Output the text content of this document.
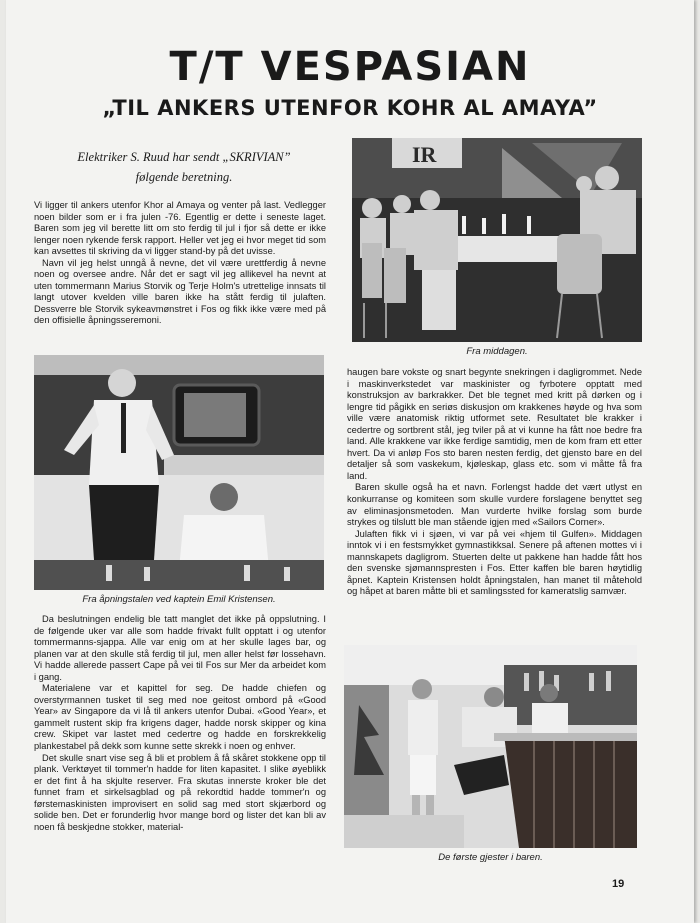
T/T VESPASIAN
„TIL ANKERS UTENFOR KOHR AL AMAYA”
Elektriker S. Ruud har sendt „SKRIVIAN”
følgende beretning.

Vi ligger til ankers utenfor Khor al Amaya og venter på last. Vedlegger noen bilder som er i fra julen -76. Egentlig er dette i seneste laget. Baren som jeg vil berette litt om sto ferdig til jul i fjor så dette er ikke lenger noen rykende fersk rapport. Heller vet jeg ei hvor meget tid som kan avsettes til skriving da vi ligger stand-by på det uvisse.

Navn vil jeg helst unngå å nevne, det vil være urettferdig å nevne noen og oversee andre. Når det er sagt vil jeg allikevel ha nevnt at uten tommermann Marius Storvik og Terje Holm's utrettelige innsats til langt utover kvelden ville baren ikke ha stått ferdig til julaften. Dessverre ble Storvik sykeavmønstret i Fos og fikk ikke være med på den offisielle åpningsseremoni.

IR
Fra middagen.
Fra åpningstalen ved kaptein Emil Kristensen.

Da beslutningen endelig ble tatt manglet det ikke på oppslutning. I de følgende uker var alle som hadde frivakt fullt opptatt i og utenfor tommermanns-sjappa. Alle var enig om at her skulle lages bar, og planen var at den skulle stå ferdig til jul, men aller helst før lossehavn. Vi hadde allerede passert Cape på vei til Fos sur Mer da arbeidet kom i gang.

Materialene var et kapittel for seg. De hadde chiefen og overstyrmannen tusket til seg med noe geitost ombord på «Good Year» av Singapore da vi lå til ankers utenfor Dubai. «Good Year», et gammelt rustent skip fra krigens dager, hadde norsk skipper og kina crew. Skipet var lastet med cedertre og hadde en forskrekkelig plankestabel på dekk som kunne sette skrekk i noen og enhver.

Det skulle snart vise seg å bli et problem å få skåret stokkene opp til plank. Verktøyet til tommer'n hadde for liten kapasitet. I slike øyeblikk er det fint å ha skjulte reserver. Fra skutas innerste kroker ble det funnet fram et sirkelsagblad og på rekordtid hadde tommer'n og førstemaskinisten improvisert en solid sag med stort skjærbord og solide ben. Det er forunderlig hvor mange bord og lister det kan bli av noen få beskjedne stokker, material-

haugen bare vokste og snart begynte snekringen i dagligrommet. Nede i maskinverkstedet var maskinister og fyrbotere opptatt med konstruksjon av barkrakker. Det ble tegnet med kritt på dørken og i lengre tid pågikk en seriøs diskusjon om krakkenes høyde og hva som ville være anatomisk riktig utformet sete. Resultatet ble krakker i cedertre og sortbrent stål, jeg tviler på at vi kunne ha fått noe bedre fra land. Alle krakkene var ikke ferdige samtidig, men de kom fram ett etter hvert. Da vi anløp Fos sto baren nesten ferdig, det gjensto bare en del detaljer så som vaskekum, kjøleskap, glass etc. som vi måtte få fra land.

Baren skulle også ha et navn. Forlengst hadde det vært utlyst en konkurranse og komiteen som skulle vurdere forslagene benyttet seg av eliminasjonsmetoden. Man vurderte hvilke forslag som burde strykes og tilslutt ble man stående igjen med «Sailors Corner».

Julaften fikk vi i sjøen, vi var på vei «hjem til Gulfen». Middagen inntok vi i en festsmykket gymnastikksal. Senere på aftenen mottes vi i mannskapets dagligrom. Stuerten delte ut pakkene han hadde fått hos den svenske sjømannspresten i Fos. Etter kaffen ble baren høytidlig åpnet. Kaptein Kristensen holdt åpningstalen, han manet til måtehold og håpet at baren måtte bli et samlingssted for kameratslig samvær.

De første gjester i baren.
19
